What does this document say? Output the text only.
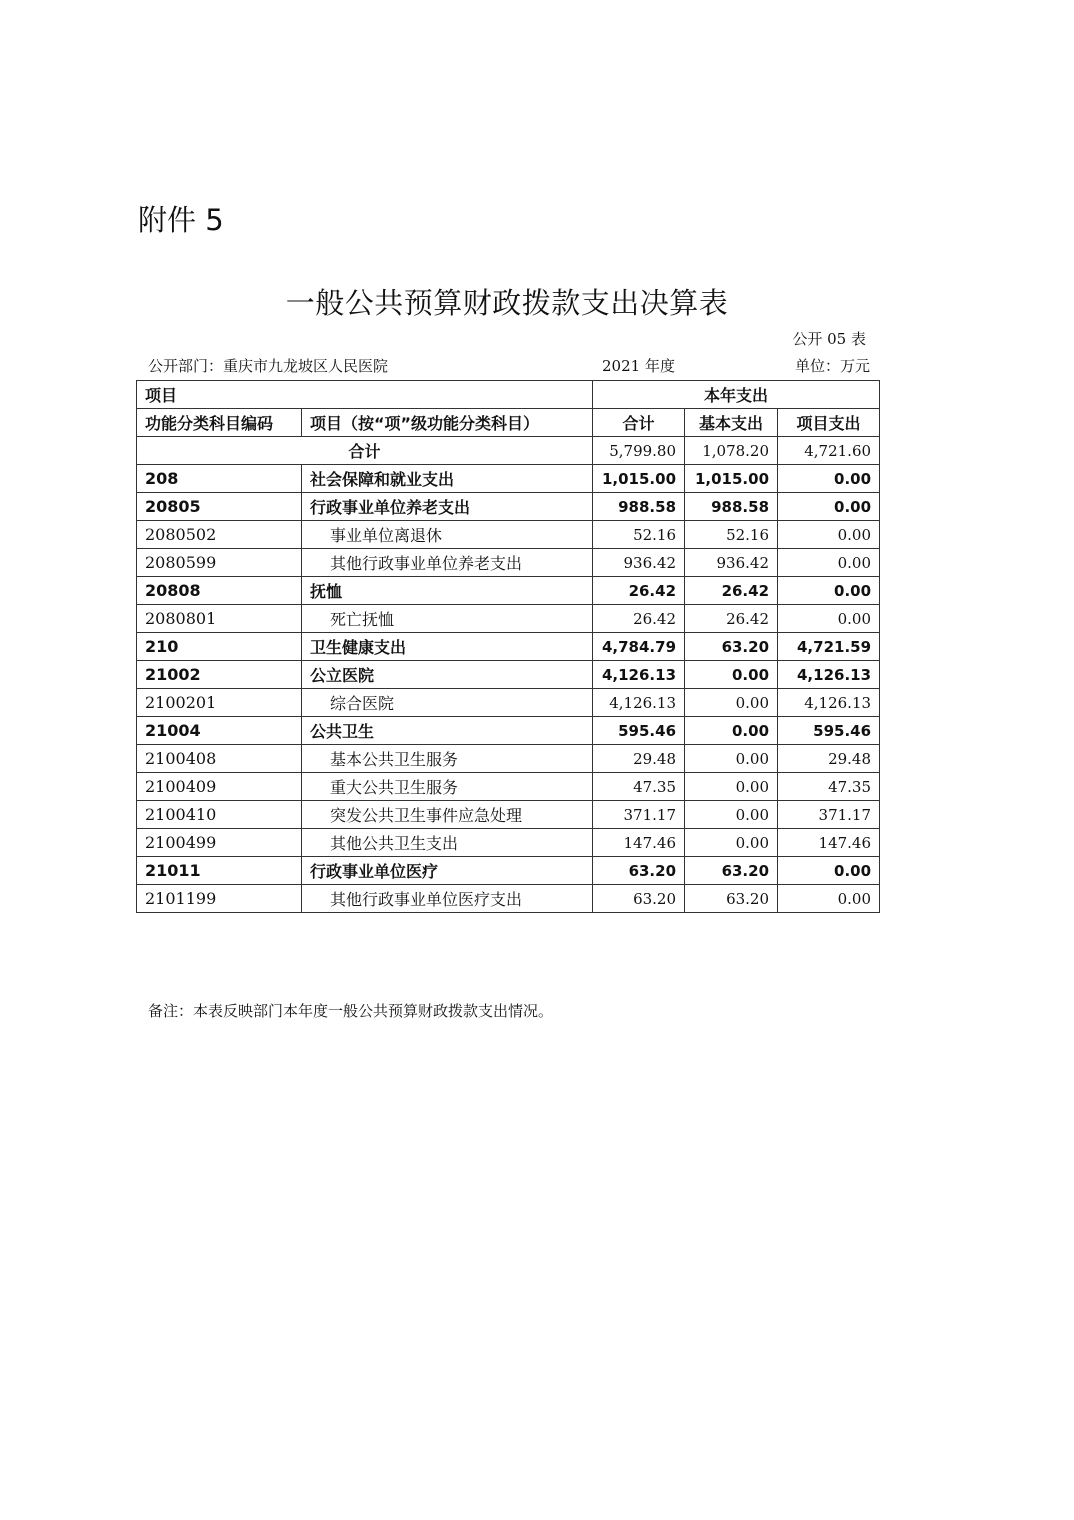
附件 5
一般公共预算财政拨款支出决算表
公开 05 表
公开部门：重庆市九龙坡区人民医院	2021 年度	单位：万元
项目		本年支出		
功能分类科目编码	项目（按“项”级功能分类科目）	合计	基本支出	项目支出
合计		5,799.80	1,078.20	4,721.60
208	社会保障和就业支出	1,015.00	1,015.00	0.00
20805	行政事业单位养老支出	988.58	988.58	0.00
2080502	事业单位离退休	52.16	52.16	0.00
2080599	其他行政事业单位养老支出	936.42	936.42	0.00
20808	抚恤	26.42	26.42	0.00
2080801	死亡抚恤	26.42	26.42	0.00
210	卫生健康支出	4,784.79	63.20	4,721.59
21002	公立医院	4,126.13	0.00	4,126.13
2100201	综合医院	4,126.13	0.00	4,126.13
21004	公共卫生	595.46	0.00	595.46
2100408	基本公共卫生服务	29.48	0.00	29.48
2100409	重大公共卫生服务	47.35	0.00	47.35
2100410	突发公共卫生事件应急处理	371.17	0.00	371.17
2100499	其他公共卫生支出	147.46	0.00	147.46
21011	行政事业单位医疗	63.20	63.20	0.00
2101199	其他行政事业单位医疗支出	63.20	63.20	0.00
备注：本表反映部门本年度一般公共预算财政拨款支出情况。
